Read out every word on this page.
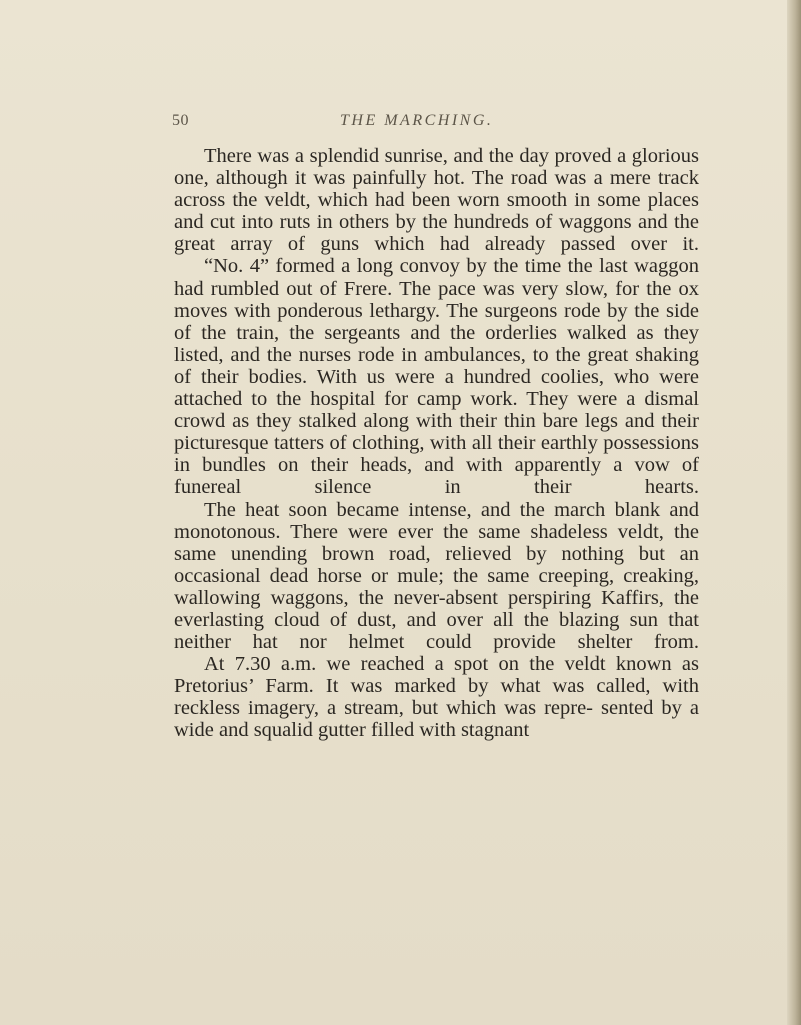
50	THE MARCHING.

There was a splendid sunrise, and the day proved a glorious one, although it was painfully hot. The road was a mere track across the veldt, which had been worn smooth in some places and cut into ruts in others by the hundreds of waggons and the great array of guns which had already passed over it.

“No. 4” formed a long convoy by the time the last waggon had rumbled out of Frere. The pace was very slow, for the ox moves with ponderous lethargy. The surgeons rode by the side of the train, the sergeants and the orderlies walked as they listed, and the nurses rode in ambulances, to the great shaking of their bodies. With us were a hundred coolies, who were attached to the hospital for camp work. They were a dismal crowd as they stalked along with their thin bare legs and their picturesque tatters of clothing, with all their earthly possessions in bundles on their heads, and with apparently a vow of funereal silence in their hearts.

The heat soon became intense, and the march blank and monotonous. There were ever the same shadeless veldt, the same unending brown road, relieved by nothing but an occasional dead horse or mule; the same creeping, creaking, wallowing waggons, the never-absent perspiring Kaffirs, the everlasting cloud of dust, and over all the blazing sun that neither hat nor helmet could provide shelter from.

At 7.30 a.m. we reached a spot on the veldt known as Pretorius’ Farm. It was marked by what was called, with reckless imagery, a stream, but which was repre- sented by a wide and squalid gutter filled with stagnant
